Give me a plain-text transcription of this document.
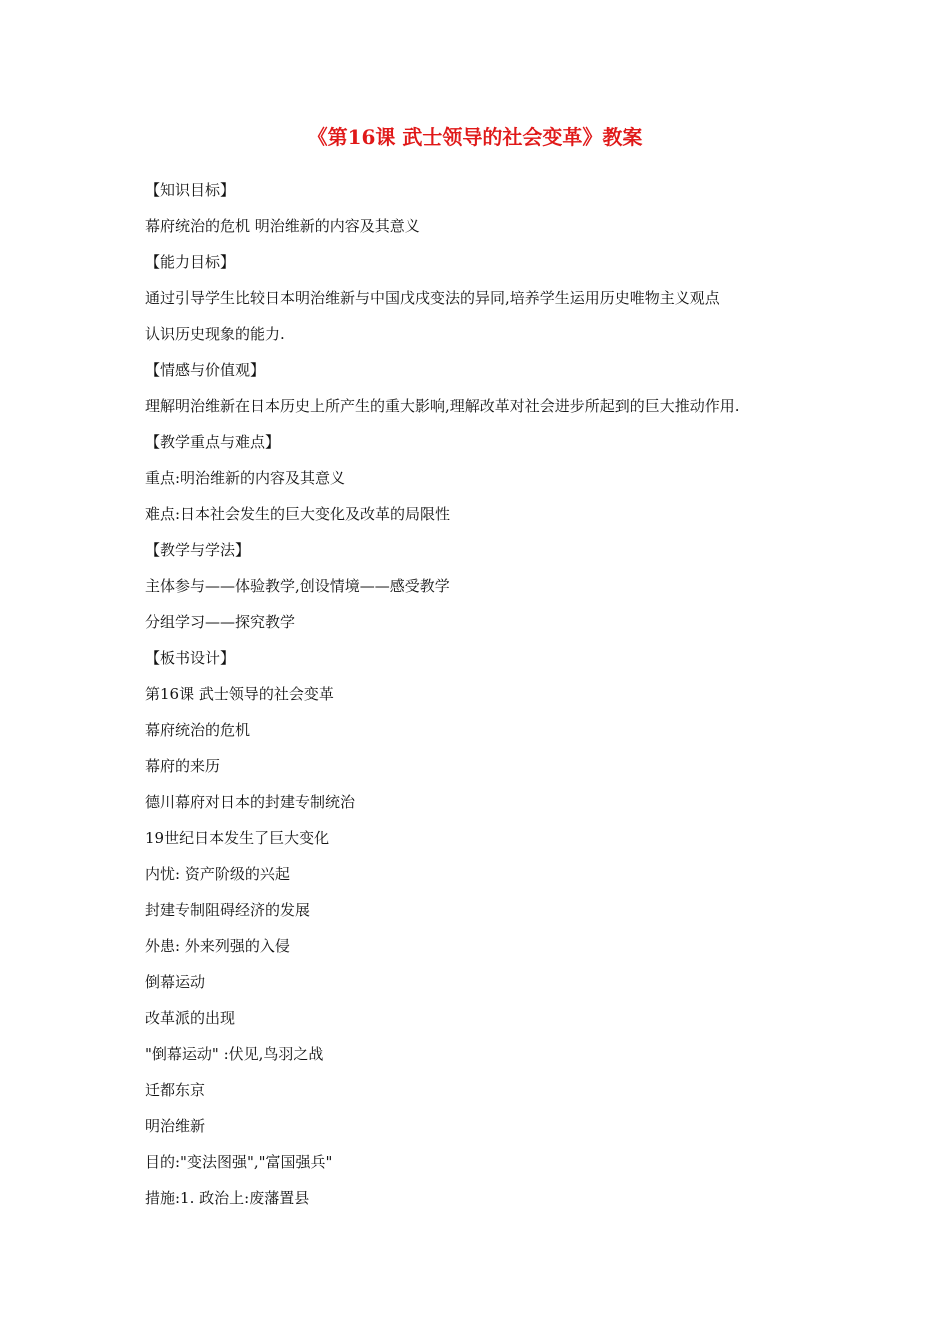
《第16课 武士领导的社会变革》教案
【知识目标】
幕府统治的危机 明治维新的内容及其意义
【能力目标】
通过引导学生比较日本明治维新与中国戊戌变法的异同,培养学生运用历史唯物主义观点
认识历史现象的能力.
【情感与价值观】
理解明治维新在日本历史上所产生的重大影响,理解改革对社会进步所起到的巨大推动作用.
【教学重点与难点】
重点:明治维新的内容及其意义
难点:日本社会发生的巨大变化及改革的局限性
【教学与学法】
主体参与——体验教学,创设情境——感受教学
分组学习——探究教学
【板书设计】
第16课 武士领导的社会变革
幕府统治的危机
幕府的来历
德川幕府对日本的封建专制统治
19世纪日本发生了巨大变化
内忧: 资产阶级的兴起
封建专制阻碍经济的发展
外患: 外来列强的入侵
倒幕运动
改革派的出现
"倒幕运动" :伏见,鸟羽之战
迁都东京
明治维新
目的:"变法图强","富国强兵"
措施:1. 政治上:废藩置县
